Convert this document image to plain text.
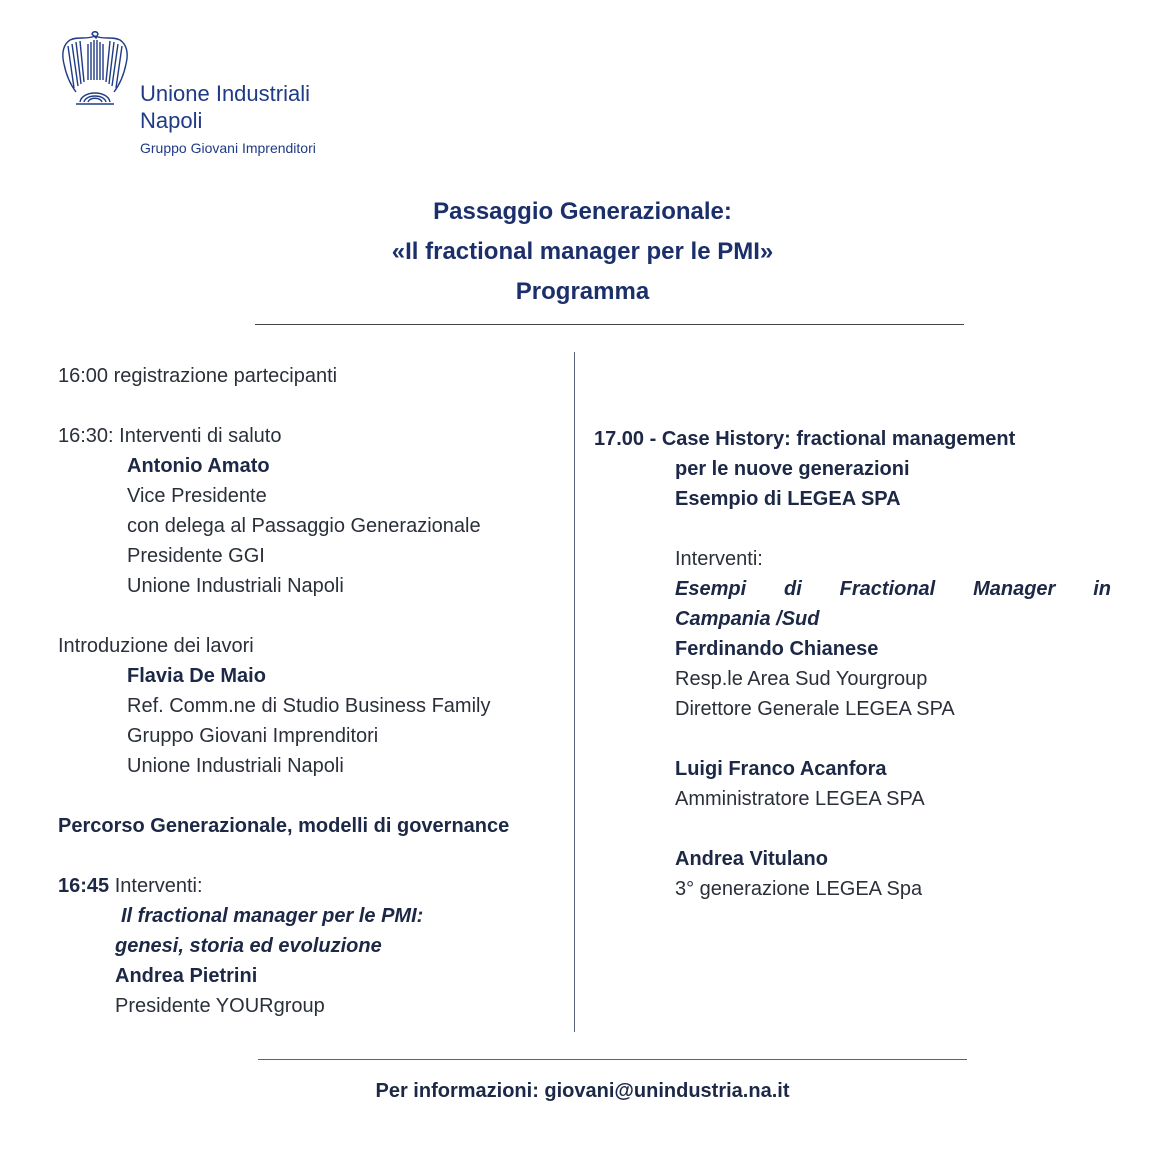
Unione Industriali
Napoli
Gruppo Giovani Imprenditori
Passaggio Generazionale:
«Il fractional manager per le PMI»
Programma
16:00 registrazione partecipanti
16:30: Interventi di saluto
Antonio Amato
Vice Presidente
con delega al Passaggio Generazionale
Presidente GGI
Unione Industriali Napoli
Introduzione dei lavori
Flavia De Maio
Ref. Comm.ne di Studio Business Family
Gruppo Giovani Imprenditori
Unione Industriali Napoli
Percorso Generazionale, modelli di governance
16:45 Interventi:
Il fractional manager per le PMI:
genesi, storia ed evoluzione
Andrea Pietrini
Presidente YOURgroup
17.00 - Case History: fractional management
per le nuove generazioni
Esempio di LEGEA SPA
Interventi:
Esempi di Fractional Manager in
Campania /Sud
Ferdinando Chianese
Resp.le Area Sud Yourgroup
Direttore Generale LEGEA SPA
Luigi Franco Acanfora
Amministratore LEGEA SPA
Andrea Vitulano
3° generazione LEGEA Spa
Per informazioni: giovani@unindustria.na.it
